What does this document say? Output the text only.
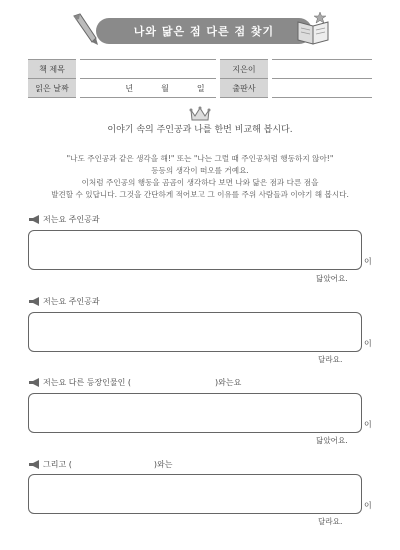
나와 닮은 점 다른 점 찾기
책 제목				지은이		
읽은 날짜		년 월 일		출판사		
이야기 속의 주인공과 나를 한번 비교해 봅시다.
"나도 주인공과 같은 생각을 해!" 또는 "나는 그럴 때 주인공처럼 행동하지 않아!"
등등의 생각이 떠오를 거예요.
이처럼 주인공의 행동을 곰곰이 생각하다 보면 나와 닮은 점과 다른 점을
발견할 수 있답니다. 그것을 간단하게 적어보고 그 이유를 주위 사람들과 이야기 해 봅시다.
저는요 주인공과
이
닮았어요.
저는요 주인공과
이
달라요.
저는요 다른 등장인물인 (	)와는요
이
닮았어요.
그리고 (	)와는
이
달라요.
